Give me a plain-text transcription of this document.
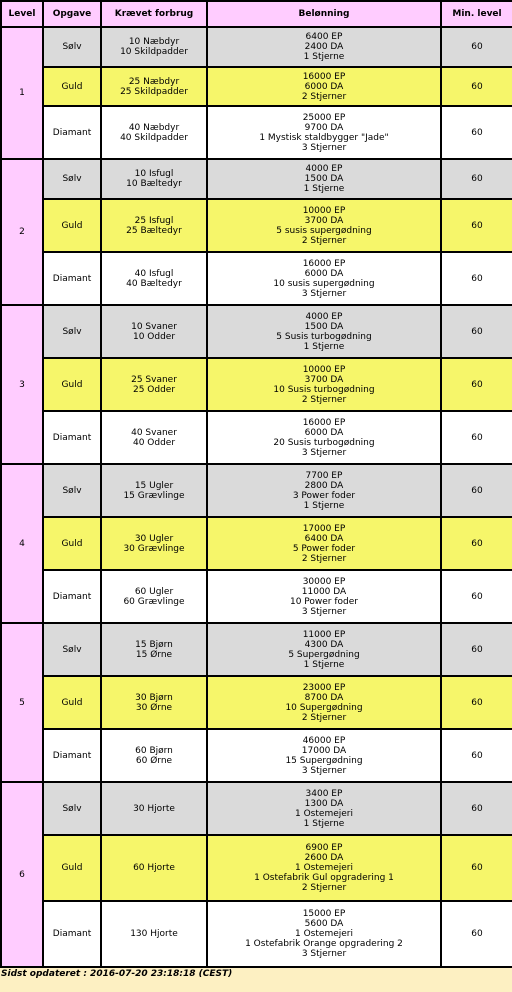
Level	Opgave	Krævet forbrug	Belønning	Min. level
1	Sølv	10 Næbdyr
10 Skildpadder	6400 EP
2400 DA
1 Stjerne	60
	Guld	25 Næbdyr
25 Skildpadder	16000 EP
6000 DA
2 Stjerner	60
	Diamant	40 Næbdyr
40 Skildpadder	25000 EP
9700 DA
1 Mystisk staldbygger "Jade"
3 Stjerner	60
2	Sølv	10 Isfugl
10 Bæltedyr	4000 EP
1500 DA
1 Stjerne	60
	Guld	25 Isfugl
25 Bæltedyr	10000 EP
3700 DA
5 susis supergødning
2 Stjerner	60
	Diamant	40 Isfugl
40 Bæltedyr	16000 EP
6000 DA
10 susis supergødning
3 Stjerner	60
3	Sølv	10 Svaner
10 Odder	4000 EP
1500 DA
5 Susis turbogødning
1 Stjerne	60
	Guld	25 Svaner
25 Odder	10000 EP
3700 DA
10 Susis turbogødning
2 Stjerner	60
	Diamant	40 Svaner
40 Odder	16000 EP
6000 DA
20 Susis turbogødning
3 Stjerner	60
4	Sølv	15 Ugler
15 Grævlinge	7700 EP
2800 DA
3 Power foder
1 Stjerne	60
	Guld	30 Ugler
30 Grævlinge	17000 EP
6400 DA
5 Power foder
2 Stjerner	60
	Diamant	60 Ugler
60 Grævlinge	30000 EP
11000 DA
10 Power foder
3 Stjerner	60
5	Sølv	15 Bjørn
15 Ørne	11000 EP
4300 DA
5 Supergødning
1 Stjerne	60
	Guld	30 Bjørn
30 Ørne	23000 EP
8700 DA
10 Supergødning
2 Stjerner	60
	Diamant	60 Bjørn
60 Ørne	46000 EP
17000 DA
15 Supergødning
3 Stjerner	60
6	Sølv	30 Hjorte	3400 EP
1300 DA
1 Ostemejeri
1 Stjerne	60
	Guld	60 Hjorte	6900 EP
2600 DA
1 Ostemejeri
1 Ostefabrik Gul opgradering 1
2 Stjerner	60
	Diamant	130 Hjorte	15000 EP
5600 DA
1 Ostemejeri
1 Ostefabrik Orange opgradering 2
3 Stjerner	60
Sidst opdateret : 2016-07-20 23:18:18 (CEST)
